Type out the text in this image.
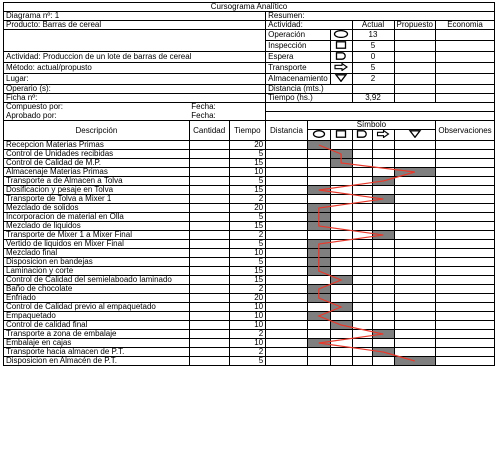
Cursograma Analítico									
Diagrama nº: 1			Resumen:						
Producto: Barras de cereal			Actividad:			Actual		Propuesto	Economia
			Operación			13			
			Inspección			5			
Actividad: Produccion de un lote de barras de cereal			Espera			0			
Método: actual/propusto			Transporte			5			
Lugar:			Almacenamiento			2			
Operario (s):			Distancia (mts.)						
Ficha nº:			Tiempo (hs.)			3,92			
Compuesto por:	Fecha:								
Aprobado por:	Fecha:								
Descripción	Cantidad	Tiempo	Distancia	Símbolo					Observaciones

Recepcion Materias Primas		20							
Control de Unidades recibidas		5							
Control de Calidad de M.P.		15							
Almacenaje Materias Primas		10							
Transporte a de Almacen a Tolva		5							
Dosificacion y pesaje en Tolva		15							
Transporte de Tolva a Mixer 1		2							
Mezclado de solidos		20							
Incorporacion de material en Olla		5							
Mezclado de liquidos		15							
Transporte de Mixer 1 a Mixer Final		2							
Vertido de liquidos en Mixer Final		5							
Mezclado final		10							
Disposicion en bandejas		5							
Laminacion y corte		15							
Control de Calidad del semielaboado laminado		15							
Baño de chocolate		2							
Enfriado		20							
Control de Calidad previo al empaquetado		10							
Empaquetado		10							
Control de calidad final		10							
Transporte a zona de embalaje		2							
Embalaje en cajas		10							
Transporte hacia almacen de P.T.		2							
Disposicion en Almacén de P.T.		5							
